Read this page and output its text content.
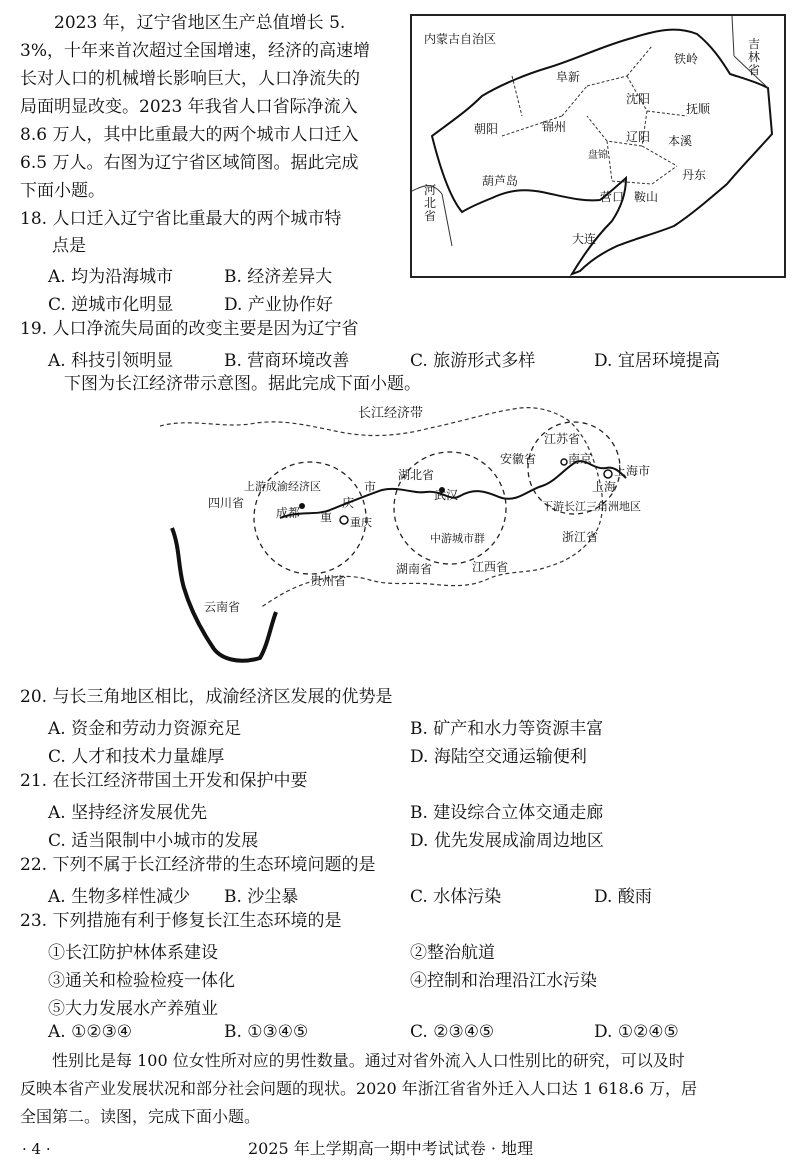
　　2023 年，辽宁省地区生产总值增长 5.
3%，十年来首次超过全国增速，经济的高速增
长对人口的机械增长影响巨大，人口净流失的
局面明显改变。2023 年我省人口省际净流入
8.6 万人，其中比重最大的两个城市人口迁入
6.5 万人。右图为辽宁省区域简图。据此完成
下面小题。
内蒙古自治区	吉林省
铁岭
阜新
沈阳
抚顺
朝阳	锦州
辽阳 本溪
盘锦
葫芦岛
营口 鞍山
丹东
河北省
大连
18. 人口迁入辽宁省比重最大的两个城市特
点是
A. 均为沿海城市	B. 经济差异大
C. 逆城市化明显	D. 产业协作好
19. 人口净流失局面的改变主要是因为辽宁省
A. 科技引领明显	B. 营商环境改善	C. 旅游形式多样	D. 宜居环境提高
下图为长江经济带示意图。据此完成下面小题。
长江经济带
上游成渝经济区
四川省
成都 重
庆
市
重庆
湖北省
武汉
中游城市群
贵州省
湖南省	江西省
云南省
安徽省
江苏省
南京
上海市
上海
下游长江三角洲地区
浙江省
20. 与长三角地区相比，成渝经济区发展的优势是
A. 资金和劳动力资源充足	B. 矿产和水力等资源丰富
C. 人才和技术力量雄厚	D. 海陆空交通运输便利
21. 在长江经济带国土开发和保护中要
A. 坚持经济发展优先	B. 建设综合立体交通走廊
C. 适当限制中小城市的发展	D. 优先发展成渝周边地区
22. 下列不属于长江经济带的生态环境问题的是
A. 生物多样性减少 B. 沙尘暴	C. 水体污染	D. 酸雨
23. 下列措施有利于修复长江生态环境的是
①长江防护林体系建设	②整治航道
③通关和检验检疫一体化	④控制和治理沿江水污染
⑤大力发展水产养殖业
A. ①②③④	B. ①③④⑤	C. ②③④⑤	D. ①②④⑤
　　性别比是每 100 位女性所对应的男性数量。通过对省外流入人口性别比的研究，可以及时
反映本省产业发展状况和部分社会问题的现状。2020 年浙江省省外迁入人口达 1 618.6 万，居
全国第二。读图，完成下面小题。
· 4 ·	2025 年上学期高一期中考试试卷 · 地理
